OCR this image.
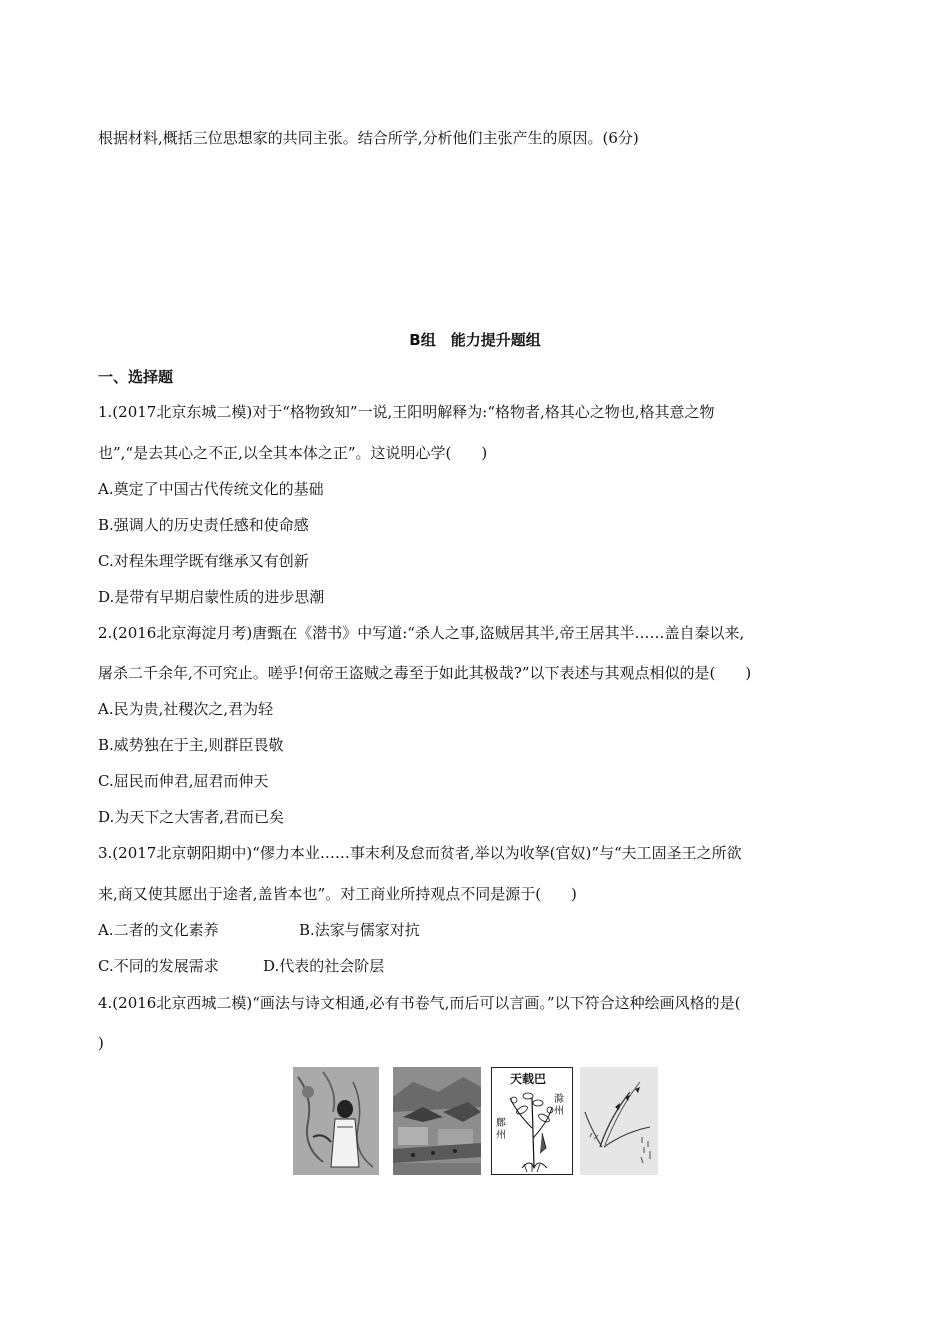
根据材料,概括三位思想家的共同主张。结合所学,分析他们主张产生的原因。(6分)
B组　能力提升题组
一、选择题
1.(2017北京东城二模)对于“格物致知”一说,王阳明解释为:“格物者,格其心之物也,格其意之物
也”,“是去其心之不正,以全其本体之正”。这说明心学(　　)
A.奠定了中国古代传统文化的基础
B.强调人的历史责任感和使命感
C.对程朱理学既有继承又有创新
D.是带有早期启蒙性质的进步思潮
2.(2016北京海淀月考)唐甄在《潜书》中写道:“杀人之事,盗贼居其半,帝王居其半……盖自秦以来,
屠杀二千余年,不可究止。嗟乎!何帝王盗贼之毒至于如此其极哉?”以下表述与其观点相似的是(　　)
A.民为贵,社稷次之,君为轻
B.威势独在于主,则群臣畏敬
C.屈民而伸君,屈君而伸天
D.为天下之大害者,君而已矣
3.(2017北京朝阳期中)“僇力本业……事末利及怠而贫者,举以为收孥(官奴)”与“夫工固圣王之所欲
来,商又使其愿出于途者,盖皆本也”。对工商业所持观点不同是源于(　　)
A.二者的文化素养	B.法家与儒家对抗
C.不同的发展需求	D.代表的社会阶层
4.(2016北京西城二模)“画法与诗文相通,必有书卷气,而后可以言画。”以下符合这种绘画风格的是(
)
天载巴
滁州
鄜州
